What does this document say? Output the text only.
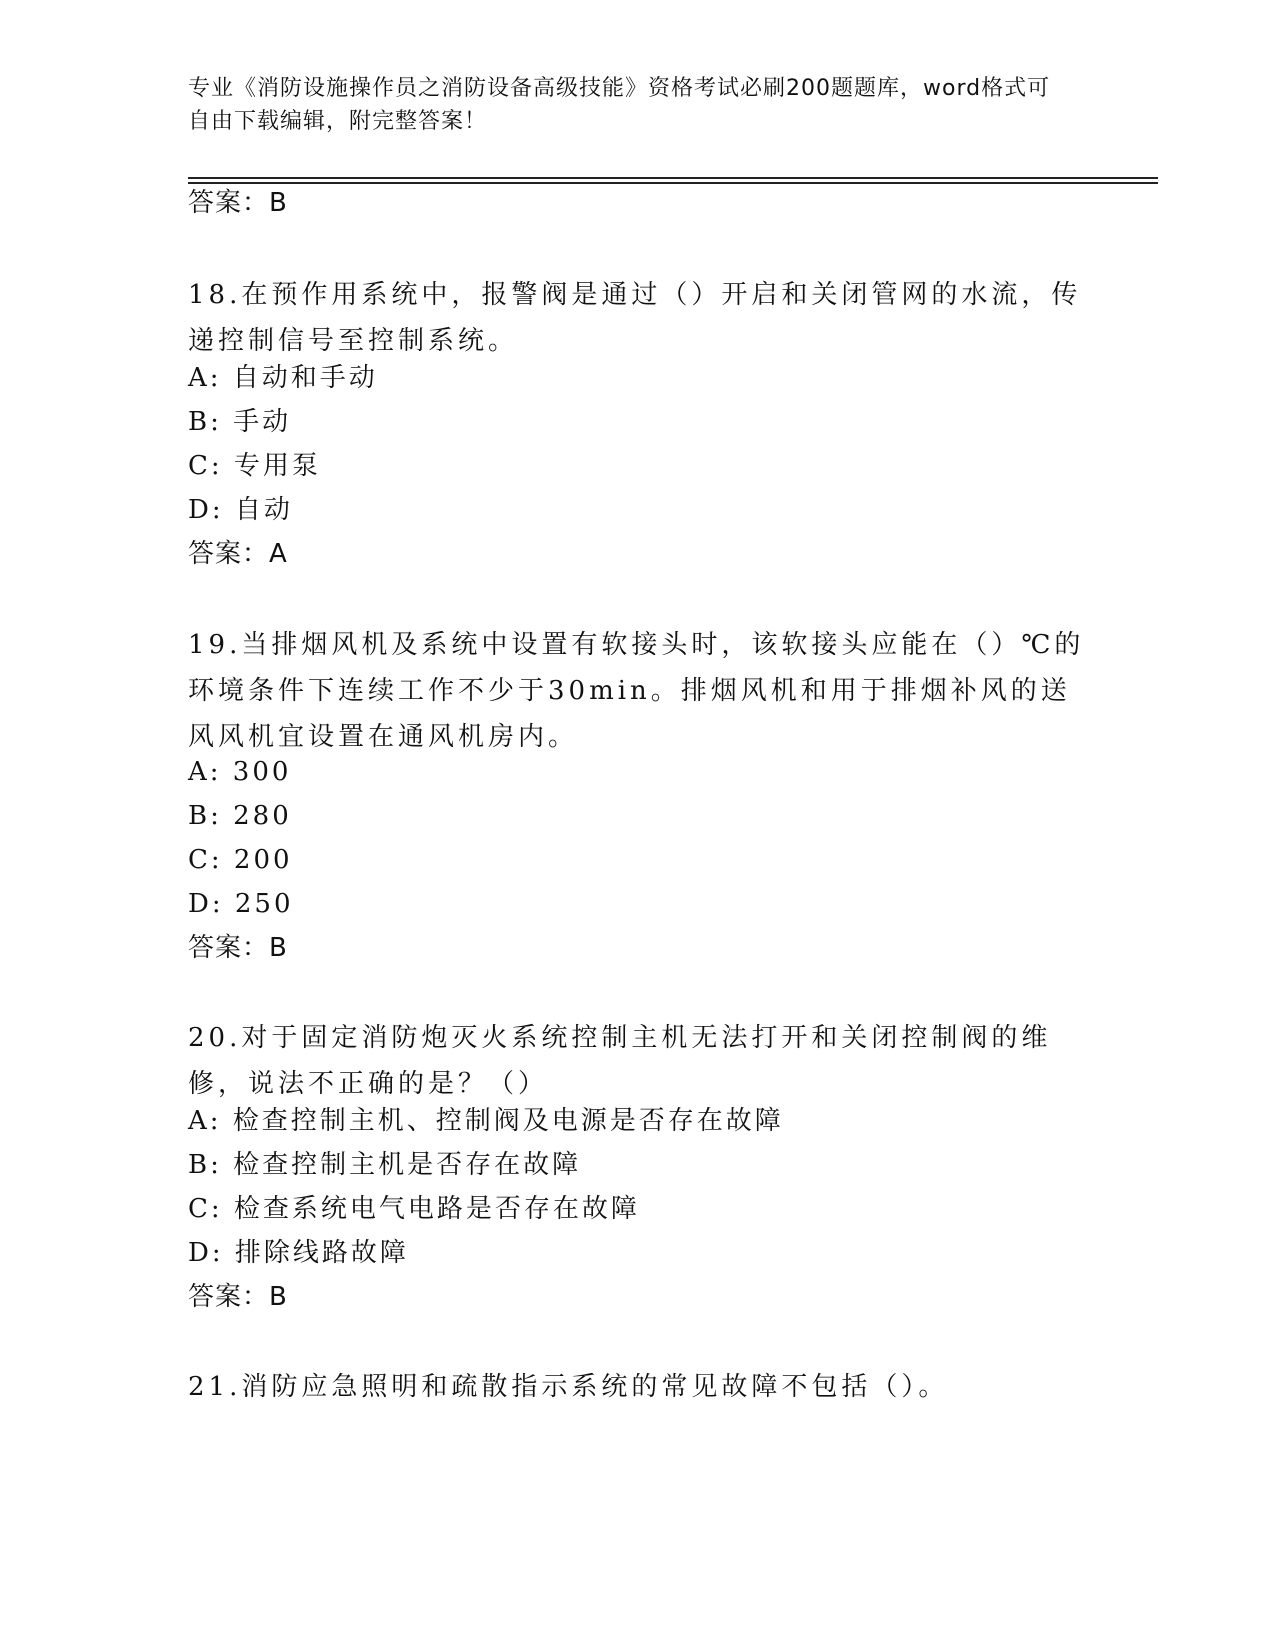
专业《消防设施操作员之消防设备高级技能》资格考试必刷200题题库，word格式可自由下载编辑，附完整答案！
答案：B
18.在预作用系统中，报警阀是通过（）开启和关闭管网的水流，传递控制信号至控制系统。
A: 自动和手动
B: 手动
C: 专用泵
D: 自动
答案：A
19.当排烟风机及系统中设置有软接头时，该软接头应能在（）℃的环境条件下连续工作不少于30min。排烟风机和用于排烟补风的送风风机宜设置在通风机房内。
A: 300
B: 280
C: 200
D: 250
答案：B
20.对于固定消防炮灭火系统控制主机无法打开和关闭控制阀的维修，说法不正确的是？（）
A: 检查控制主机、控制阀及电源是否存在故障
B: 检查控制主机是否存在故障
C: 检查系统电气电路是否存在故障
D: 排除线路故障
答案：B
21.消防应急照明和疏散指示系统的常见故障不包括（）。
